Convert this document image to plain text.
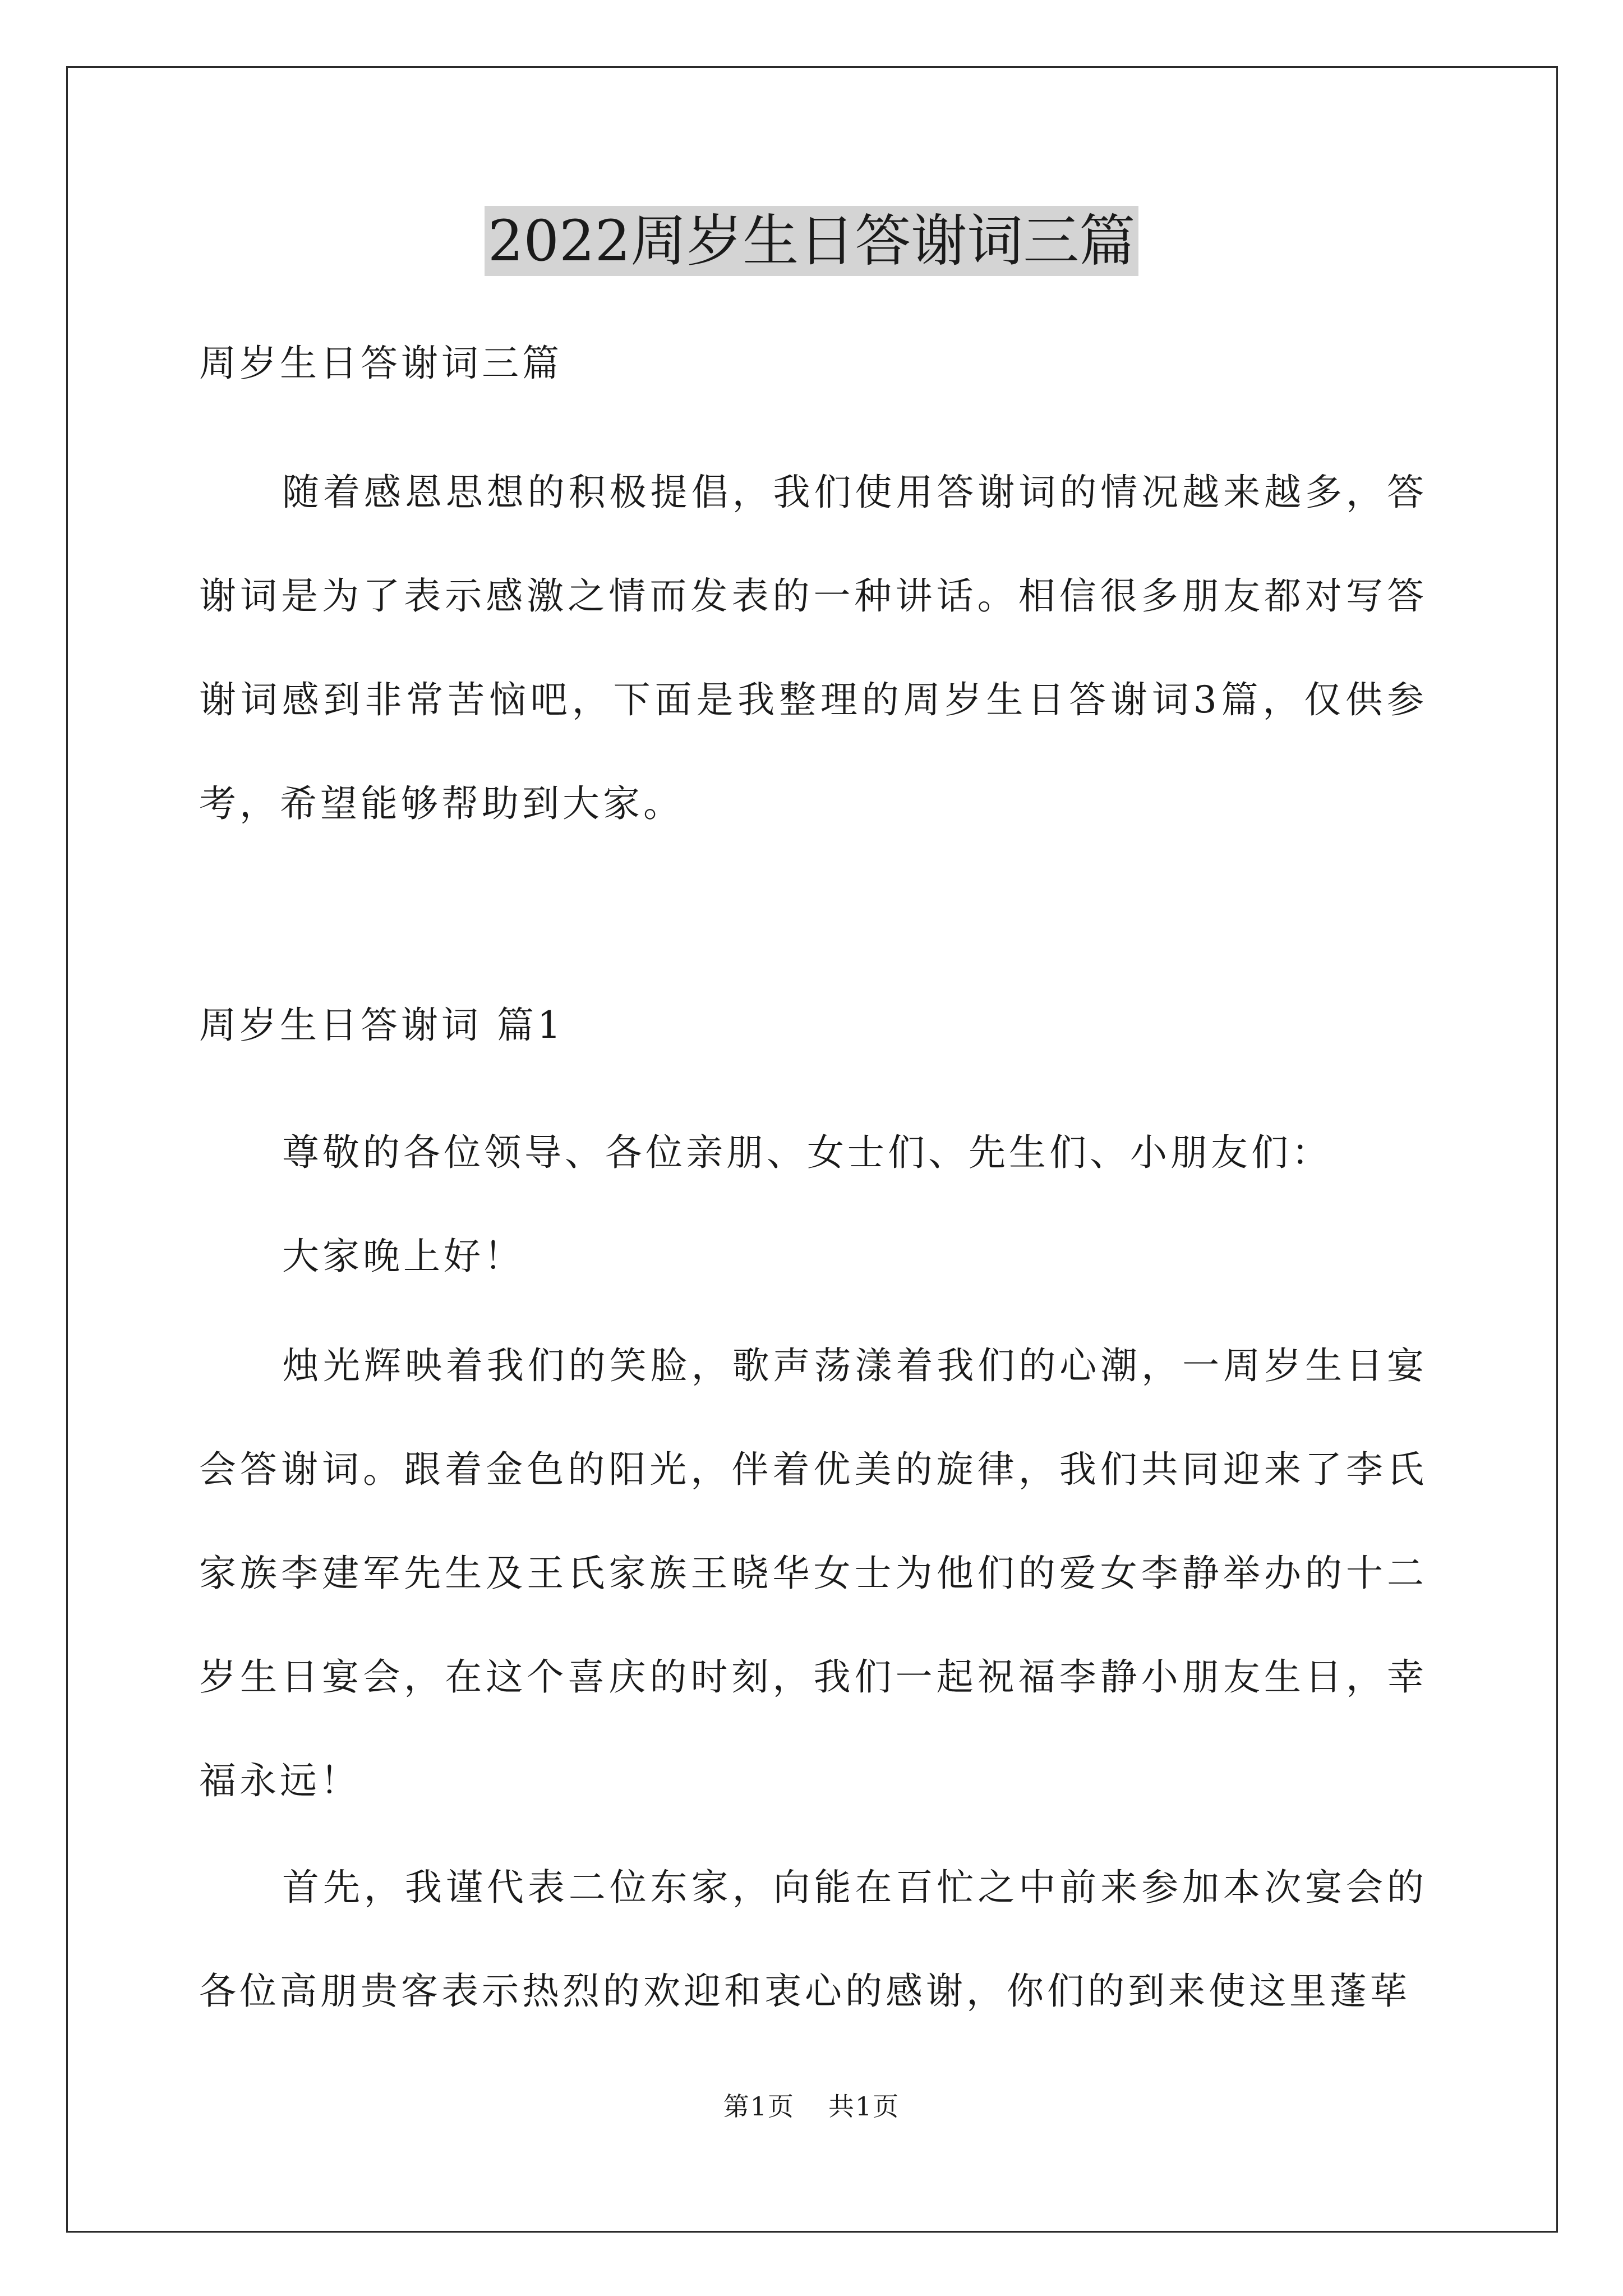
2022周岁生日答谢词三篇

周岁生日答谢词三篇

随着感恩思想的积极提倡，我们使用答谢词的情况越来越多，答谢词是为了表示感激之情而发表的一种讲话。相信很多朋友都对写答谢词感到非常苦恼吧，下面是我整理的周岁生日答谢词3篇，仅供参考，希望能够帮助到大家。

周岁生日答谢词 篇1

尊敬的各位领导、各位亲朋、女士们、先生们、小朋友们：

大家晚上好！

烛光辉映着我们的笑脸，歌声荡漾着我们的心潮，一周岁生日宴会答谢词。跟着金色的阳光，伴着优美的旋律，我们共同迎来了李氏家族李建军先生及王氏家族王晓华女士为他们的爱女李静举办的十二岁生日宴会，在这个喜庆的时刻，我们一起祝福李静小朋友生日，幸福永远！

首先，我谨代表二位东家，向能在百忙之中前来参加本次宴会的各位高朋贵客表示热烈的欢迎和衷心的感谢，你们的到来使这里蓬荜

第1页 共1页
